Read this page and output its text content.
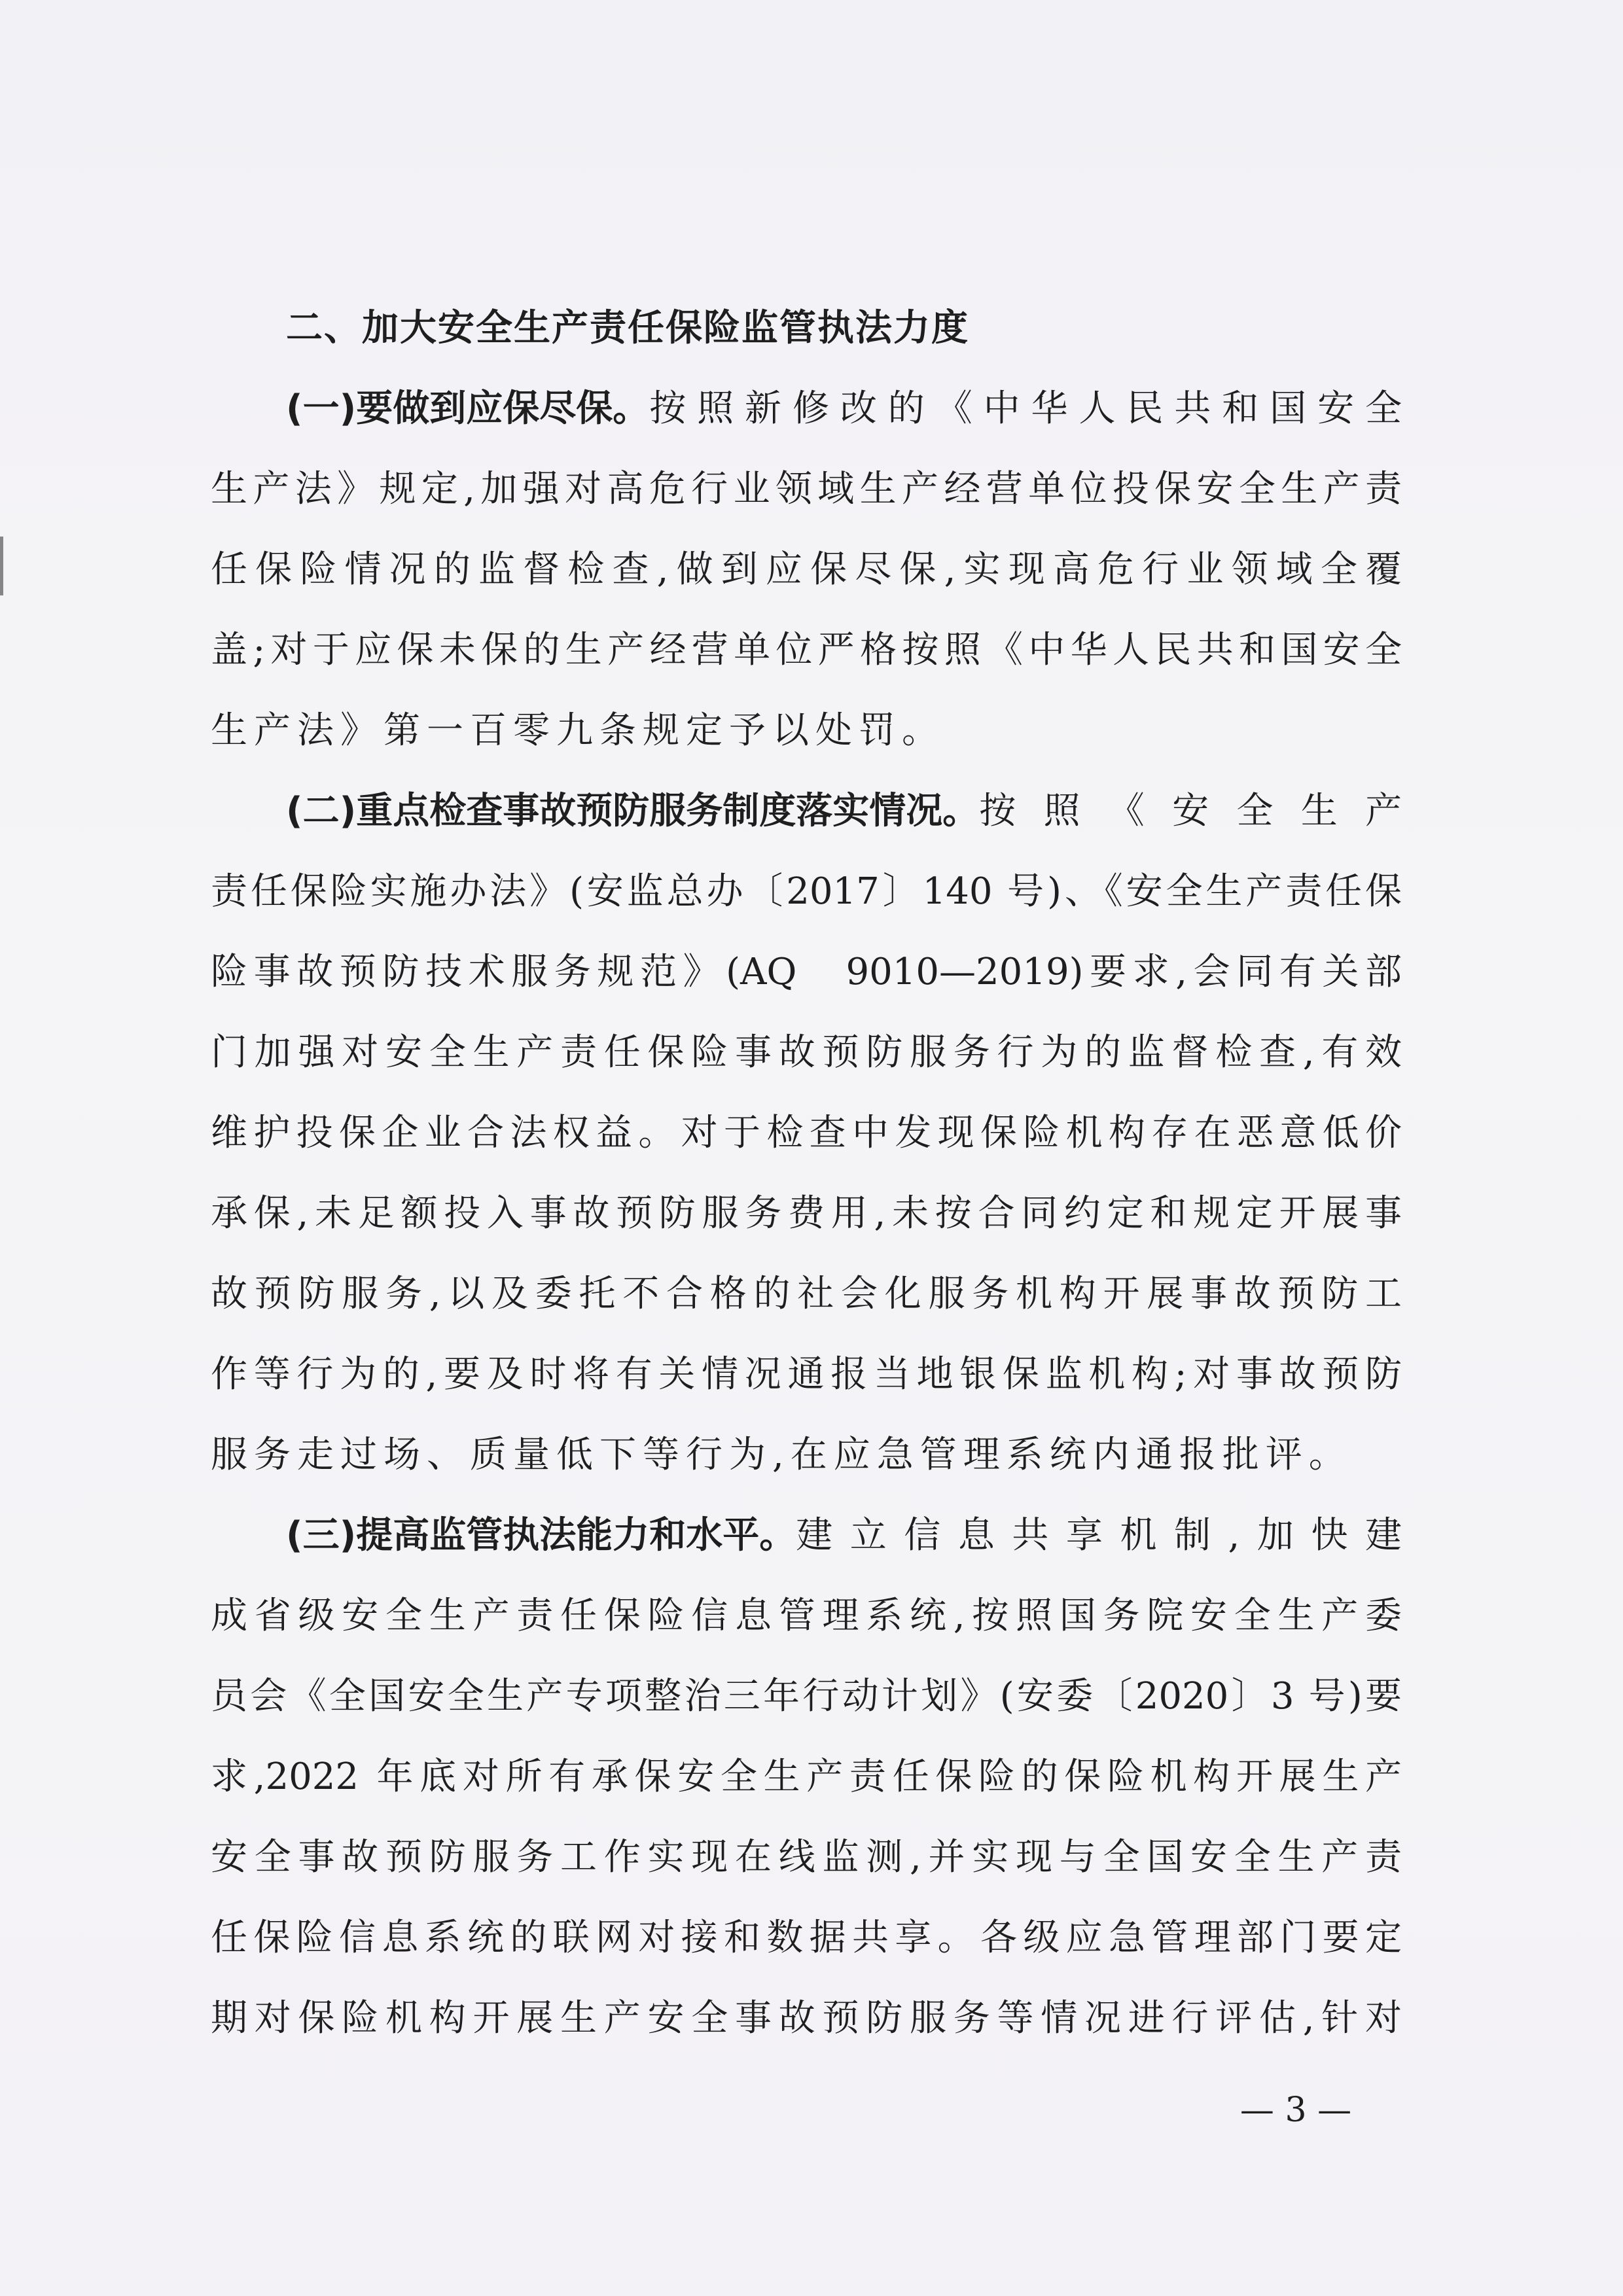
二、加大安全生产责任保险监管执法力度
(一)要做到应保尽保。 按照新修改的《中华人民共和国安全
生产法》规定,加强对高危行业领域生产经营单位投保安全生产责
任保险情况的监督检查,做到应保尽保,实现高危行业领域全覆
盖;对于应保未保的生产经营单位严格按照《中华人民共和国安全
生产法》第一百零九条规定予以处罚。
(二)重点检查事故预防服务制度落实情况。 按照《安全生产
责任保险实施办法》(安监总办〔2017〕140 号)、《安全生产责任保
险事故预防技术服务规范》(AQ　9010—2019)要求,会同有关部
门加强对安全生产责任保险事故预防服务行为的监督检查,有效
维护投保企业合法权益。对于检查中发现保险机构存在恶意低价
承保,未足额投入事故预防服务费用,未按合同约定和规定开展事
故预防服务,以及委托不合格的社会化服务机构开展事故预防工
作等行为的,要及时将有关情况通报当地银保监机构;对事故预防
服务走过场、质量低下等行为,在应急管理系统内通报批评。
(三)提高监管执法能力和水平。 建立信息共享机制,加快建
成省级安全生产责任保险信息管理系统,按照国务院安全生产委
员会《全国安全生产专项整治三年行动计划》(安委〔2020〕3 号)要
求,2022 年底对所有承保安全生产责任保险的保险机构开展生产
安全事故预防服务工作实现在线监测,并实现与全国安全生产责
任保险信息系统的联网对接和数据共享。各级应急管理部门要定
期对保险机构开展生产安全事故预防服务等情况进行评估,针对
— 3 —
